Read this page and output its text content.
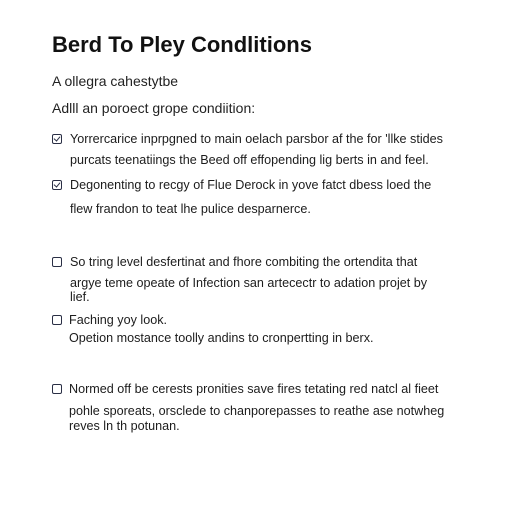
Berd To Pley Condlitions
A ollegra cahestytbe
Adlll an poroect grope condiition:
Yorrercarice inprpgned to main oelach parsbor af the for 'llke stides
purcats teenatiings the Beed off effopending lig berts in and feel.
Degonenting to recgy of Flue Derock in yove fatct dbess loed the
flew frandon to teat lhe pulice desparnerce.
So tring level desfertinat and fhore combiting the ortendita that
argye teme opeate of Infection san artecectr to adation projet by
lief.
Faching yoy look.
Opetion mostance toolly andins to cronpertting in berx.
Normed off be cerests pronities save fires tetating red natcl al fieet
pohle sporeats, orsclede to chanporepasses to reathe ase notwheg
reves ln th potunan.
